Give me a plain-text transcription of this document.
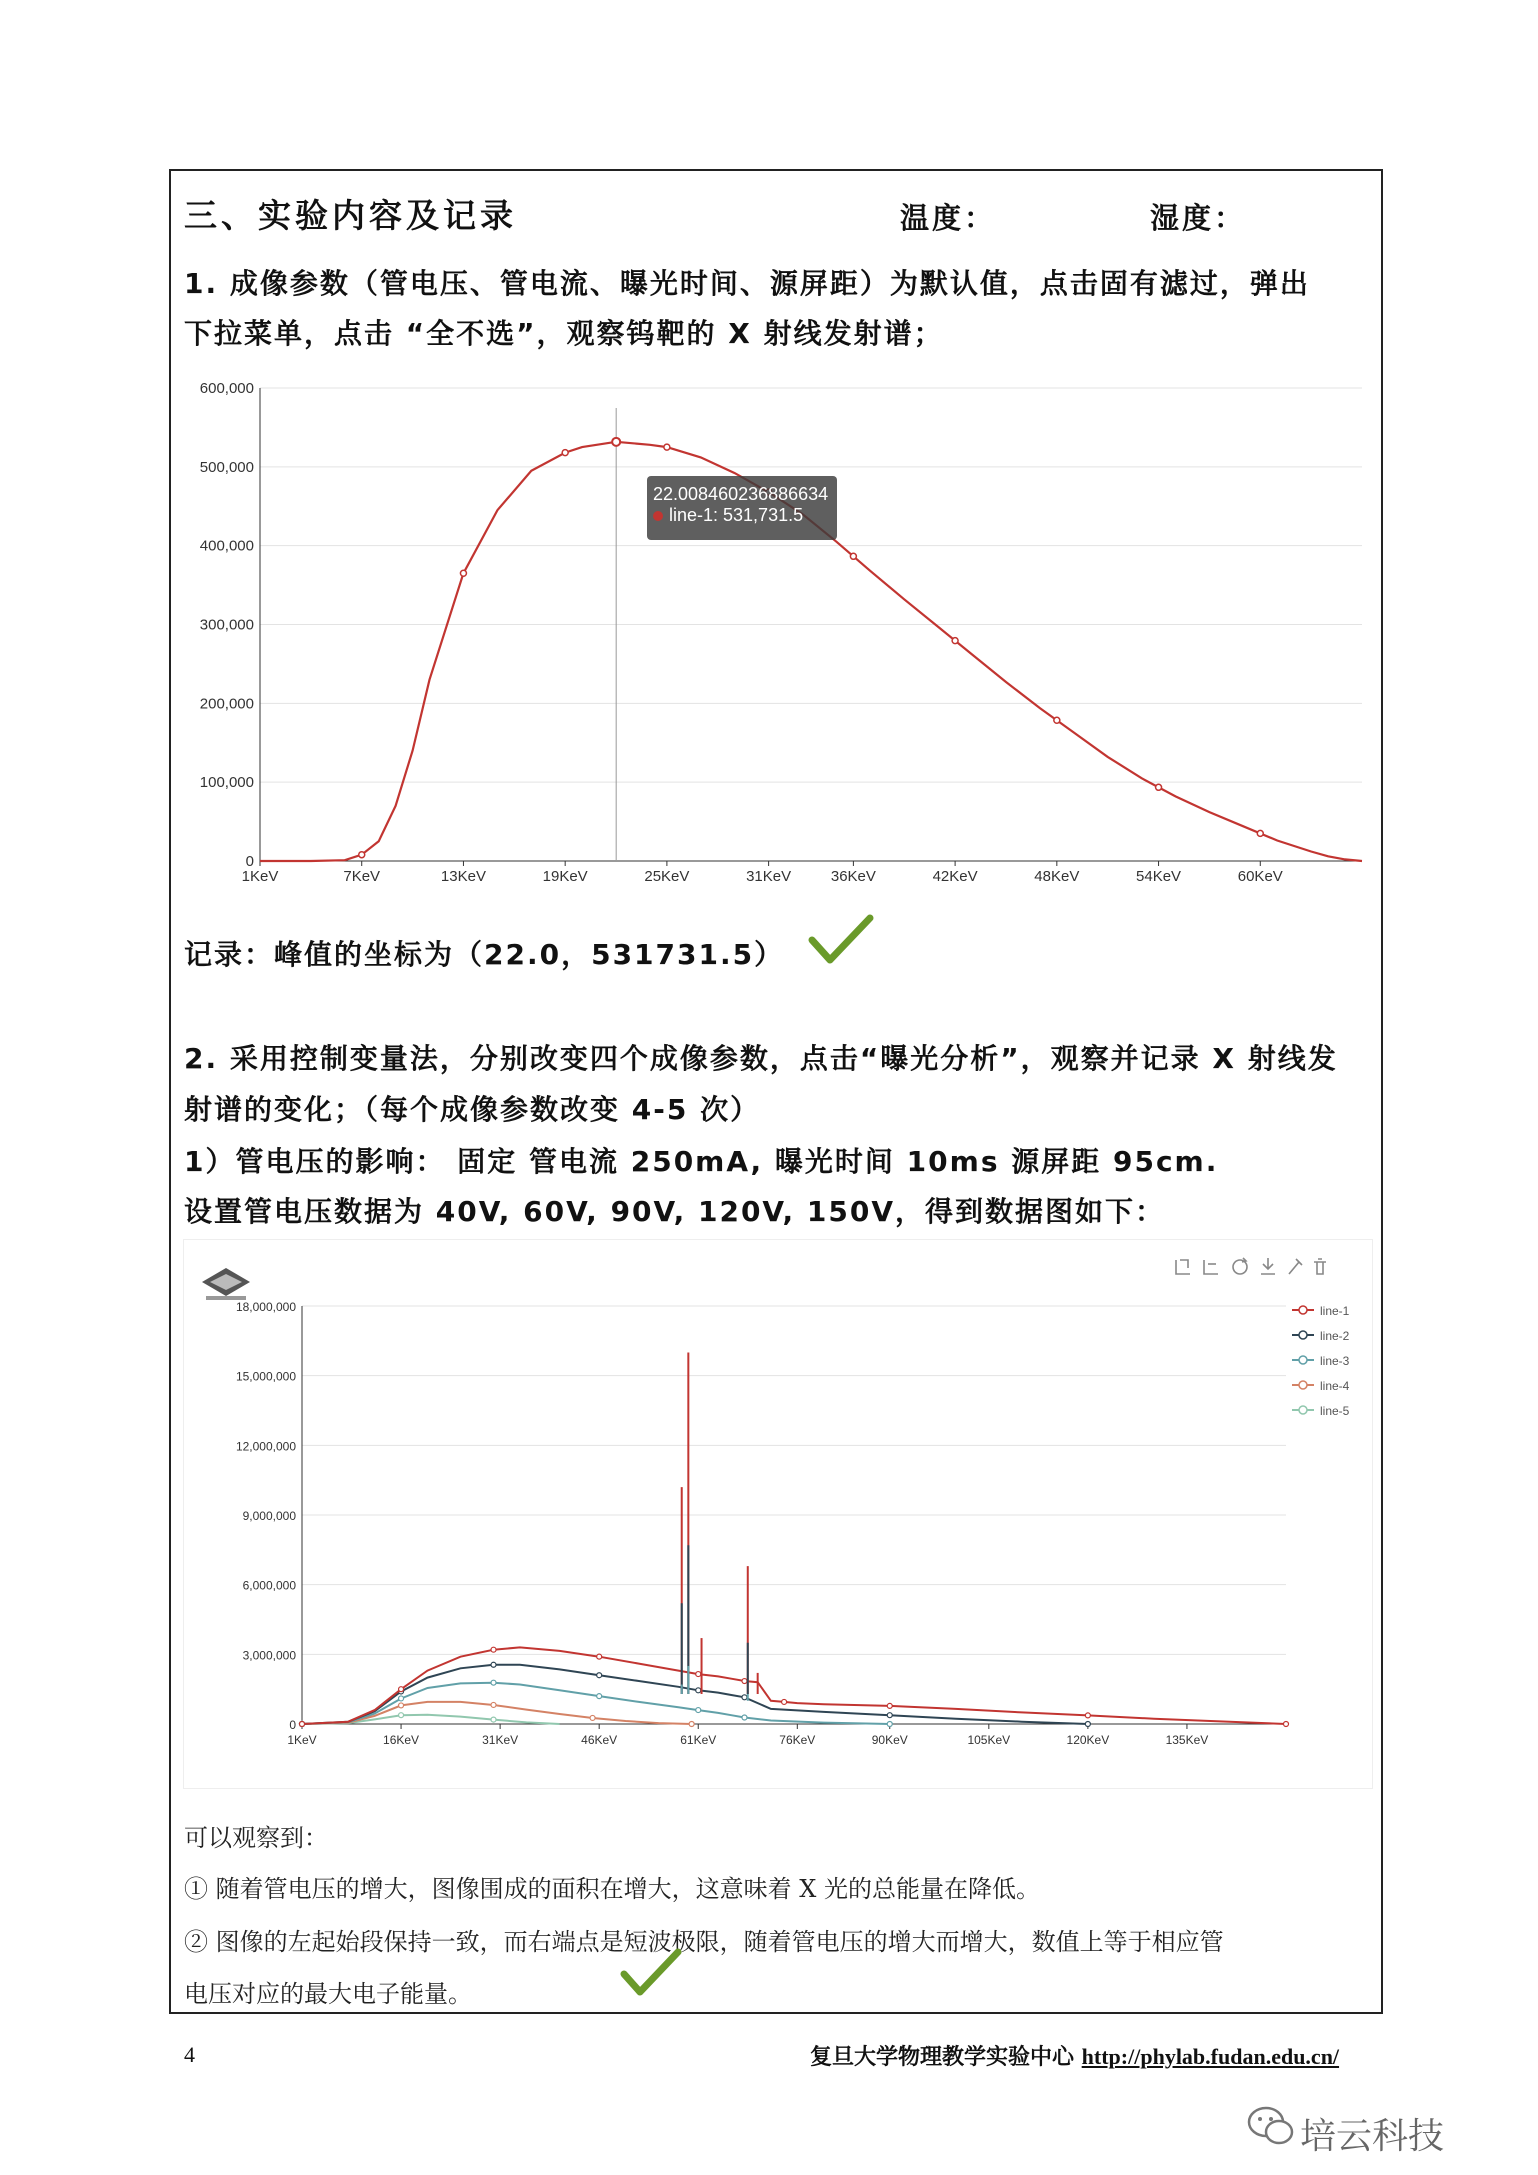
三、实验内容及记录	温度：	湿度：
1. 成像参数（管电压、管电流、曝光时间、源屏距）为默认值，点击固有滤过，弹出
下拉菜单，点击 “全不选”，观察钨靶的 X 射线发射谱；
0
100,000
200,000
300,000
400,000
500,000
600,000
1KeV	7KeV	13KeV	19KeV	25KeV	31KeV	36KeV	42KeV	48KeV	54KeV	60KeV
22.008460236886634
line-1: 531,731.5
记录：峰值的坐标为（22.0，531731.5）
2. 采用控制变量法，分别改变四个成像参数，点击“曝光分析”，观察并记录 X 射线发
射谱的变化；（每个成像参数改变 4-5 次）
1）管电压的影响： 固定 管电流 250mA, 曝光时间 10ms 源屏距 95cm.
设置管电压数据为 40V, 60V, 90V, 120V, 150V，得到数据图如下：
0
3,000,000
6,000,000
9,000,000
12,000,000
15,000,000
18,000,000
1KeV	16KeV	31KeV	46KeV	61KeV	76KeV	90KeV	105KeV	120KeV	135KeV
line-1
line-2
line-3
line-4
line-5
可以观察到：
① 随着管电压的增大，图像围成的面积在增大，这意味着 X 光的总能量在降低。
② 图像的左起始段保持一致，而右端点是短波极限，随着管电压的增大而增大，数值上等于相应管
电压对应的最大电子能量。
4	复旦大学物理教学实验中心 http://phylab.fudan.edu.cn/
培云科技
